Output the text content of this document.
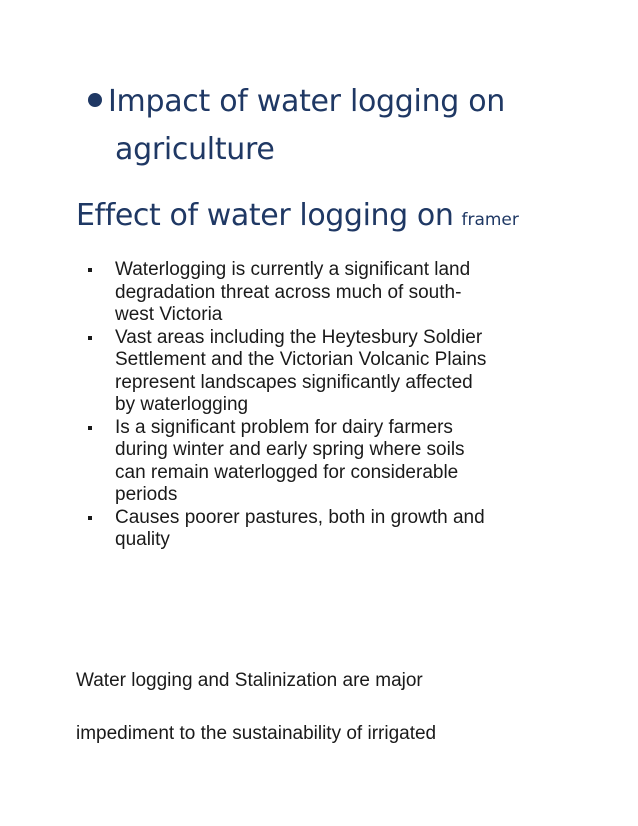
Impact of water logging on
agriculture
Effect of water logging on framer
Waterlogging is currently a significant land
degradation threat across much of south-
west Victoria
Vast areas including the Heytesbury Soldier
Settlement and the Victorian Volcanic Plains
represent landscapes significantly affected
by waterlogging
Is a significant problem for dairy farmers
during winter and early spring where soils
can remain waterlogged for considerable
periods
Causes poorer pastures, both in growth and
quality
Water logging and Stalinization are major
impediment to the sustainability of irrigated
